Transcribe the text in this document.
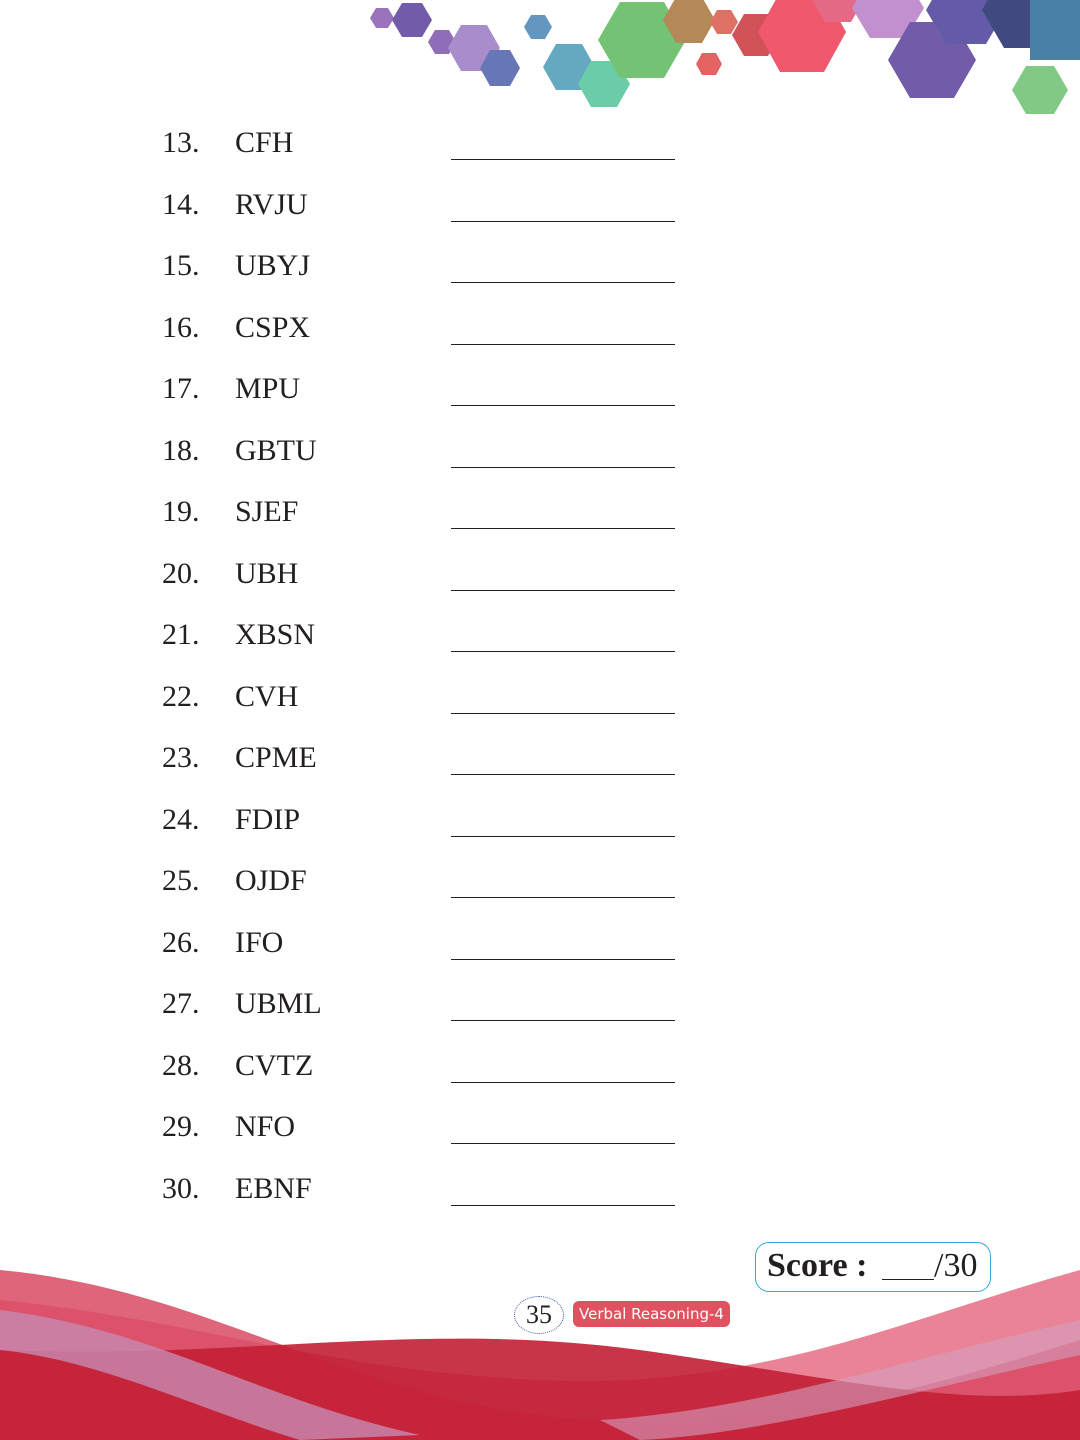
13. CFH
14. RVJU
15. UBYJ
16. CSPX
17. MPU
18. GBTU
19. SJEF
20. UBH
21. XBSN
22. CVH
23. CPME
24. FDIP
25. OJDF
26. IFO
27. UBML
28. CVTZ
29. NFO
30. EBNF
Score : /30
35	Verbal Reasoning-4
